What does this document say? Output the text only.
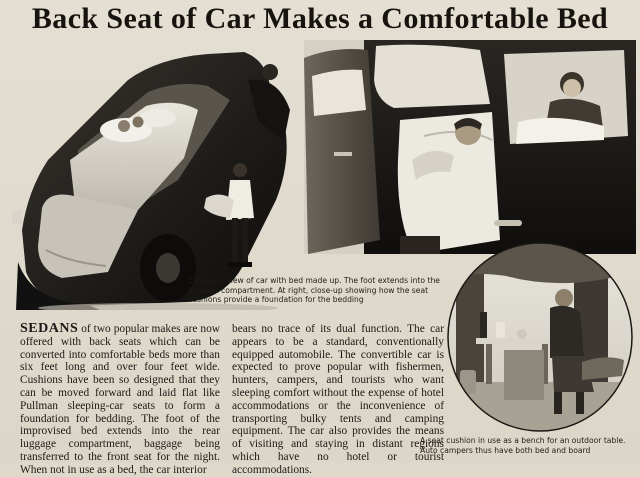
Back Seat of Car Makes a Comfortable Bed
Cut-away view of car with bed made up. The foot extends into the luggage compartment. At right, close-up showing how the seat cushions provide a foundation for the bedding
SEDANS of two popular makes are now offered with back seats which can be converted into comfortable beds more than six feet long and over four feet wide. Cushions have been so designed that they can be moved forward and laid flat like Pullman sleeping-car seats to form a foundation for bedding. The foot of the improvised bed extends into the rear luggage compartment, baggage being transferred to the front seat for the night. When not in use as a bed, the car interior
bears no trace of its dual function. The car appears to be a standard, conventionally equipped automobile. The convertible car is expected to prove popular with fishermen, hunters, campers, and tourists who want sleeping comfort without the expense of hotel accommodations or the inconvenience of transporting bulky tents and camping equipment. The car also provides the means of visiting and staying in distant regions which have no hotel or tourist accommodations.
A seat cushion in use as a bench for an outdoor table. Auto campers thus have both bed and board
